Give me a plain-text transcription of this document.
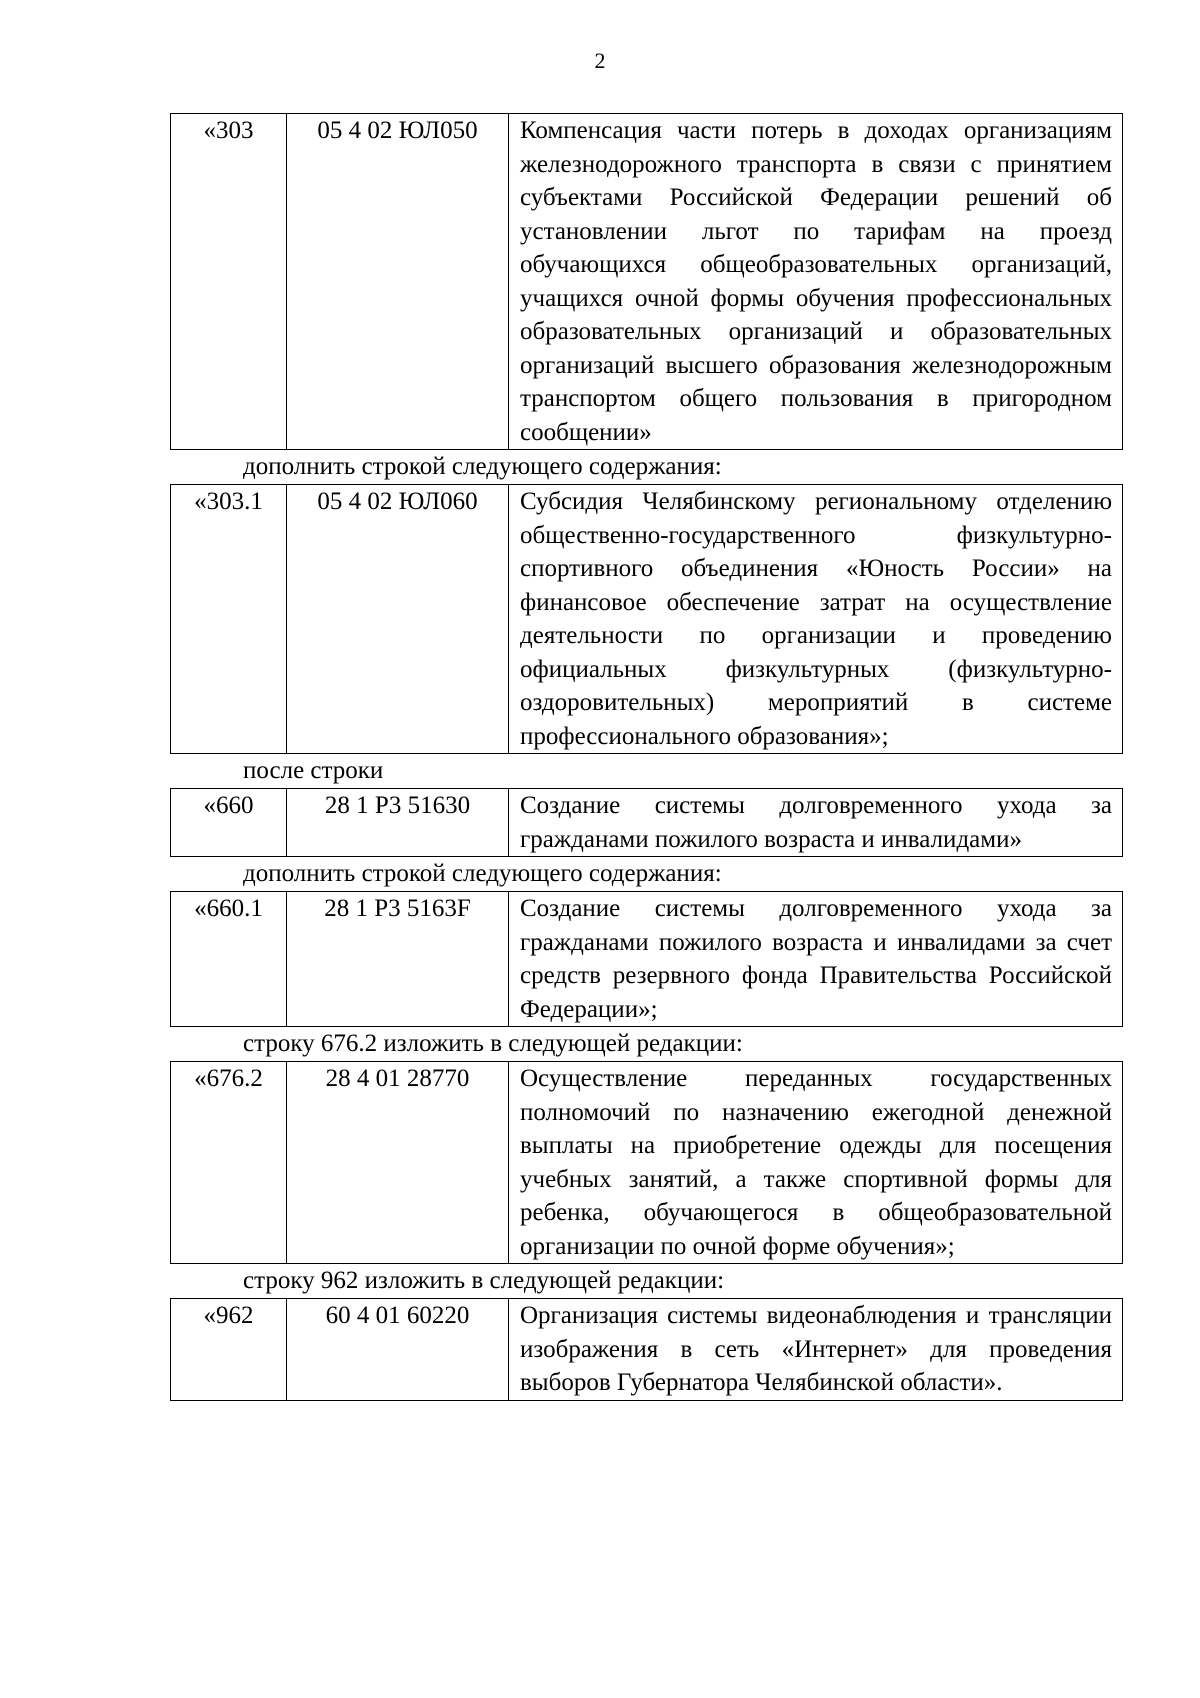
2
«303	05 4 02 ЮЛ050	Компенсация части потерь в доходах организациям железнодорожного транспорта в связи с принятием субъектами Российской Федерации решений об установлении льгот по тарифам на проезд обучающихся общеобразовательных организаций, учащихся очной формы обучения профессиональных образовательных организаций и образовательных организаций высшего образования железнодорожным транспортом общего пользования в пригородном сообщении»
дополнить строкой следующего содержания:
«303.1	05 4 02 ЮЛ060	Субсидия Челябинскому региональному отделению общественно-государственного физкультурно-спортивного объединения «Юность России» на финансовое обеспечение затрат на осуществление деятельности по организации и проведению официальных физкультурных (физкультурно-оздоровительных) мероприятий в системе профессионального образования»;
после строки
«660	28 1 Р3 51630	Создание системы долговременного ухода за гражданами пожилого возраста и инвалидами»
дополнить строкой следующего содержания:
«660.1	28 1 Р3 5163F	Создание системы долговременного ухода за гражданами пожилого возраста и инвалидами за счет средств резервного фонда Правительства Российской Федерации»;
строку 676.2 изложить в следующей редакции:
«676.2	28 4 01 28770	Осуществление переданных государственных полномочий по назначению ежегодной денежной выплаты на приобретение одежды для посещения учебных занятий, а также спортивной формы для ребенка, обучающегося в общеобразовательной организации по очной форме обучения»;
строку 962 изложить в следующей редакции:
«962	60 4 01 60220	Организация системы видеонаблюдения и трансляции изображения в сеть «Интернет» для проведения выборов Губернатора Челябинской области».
